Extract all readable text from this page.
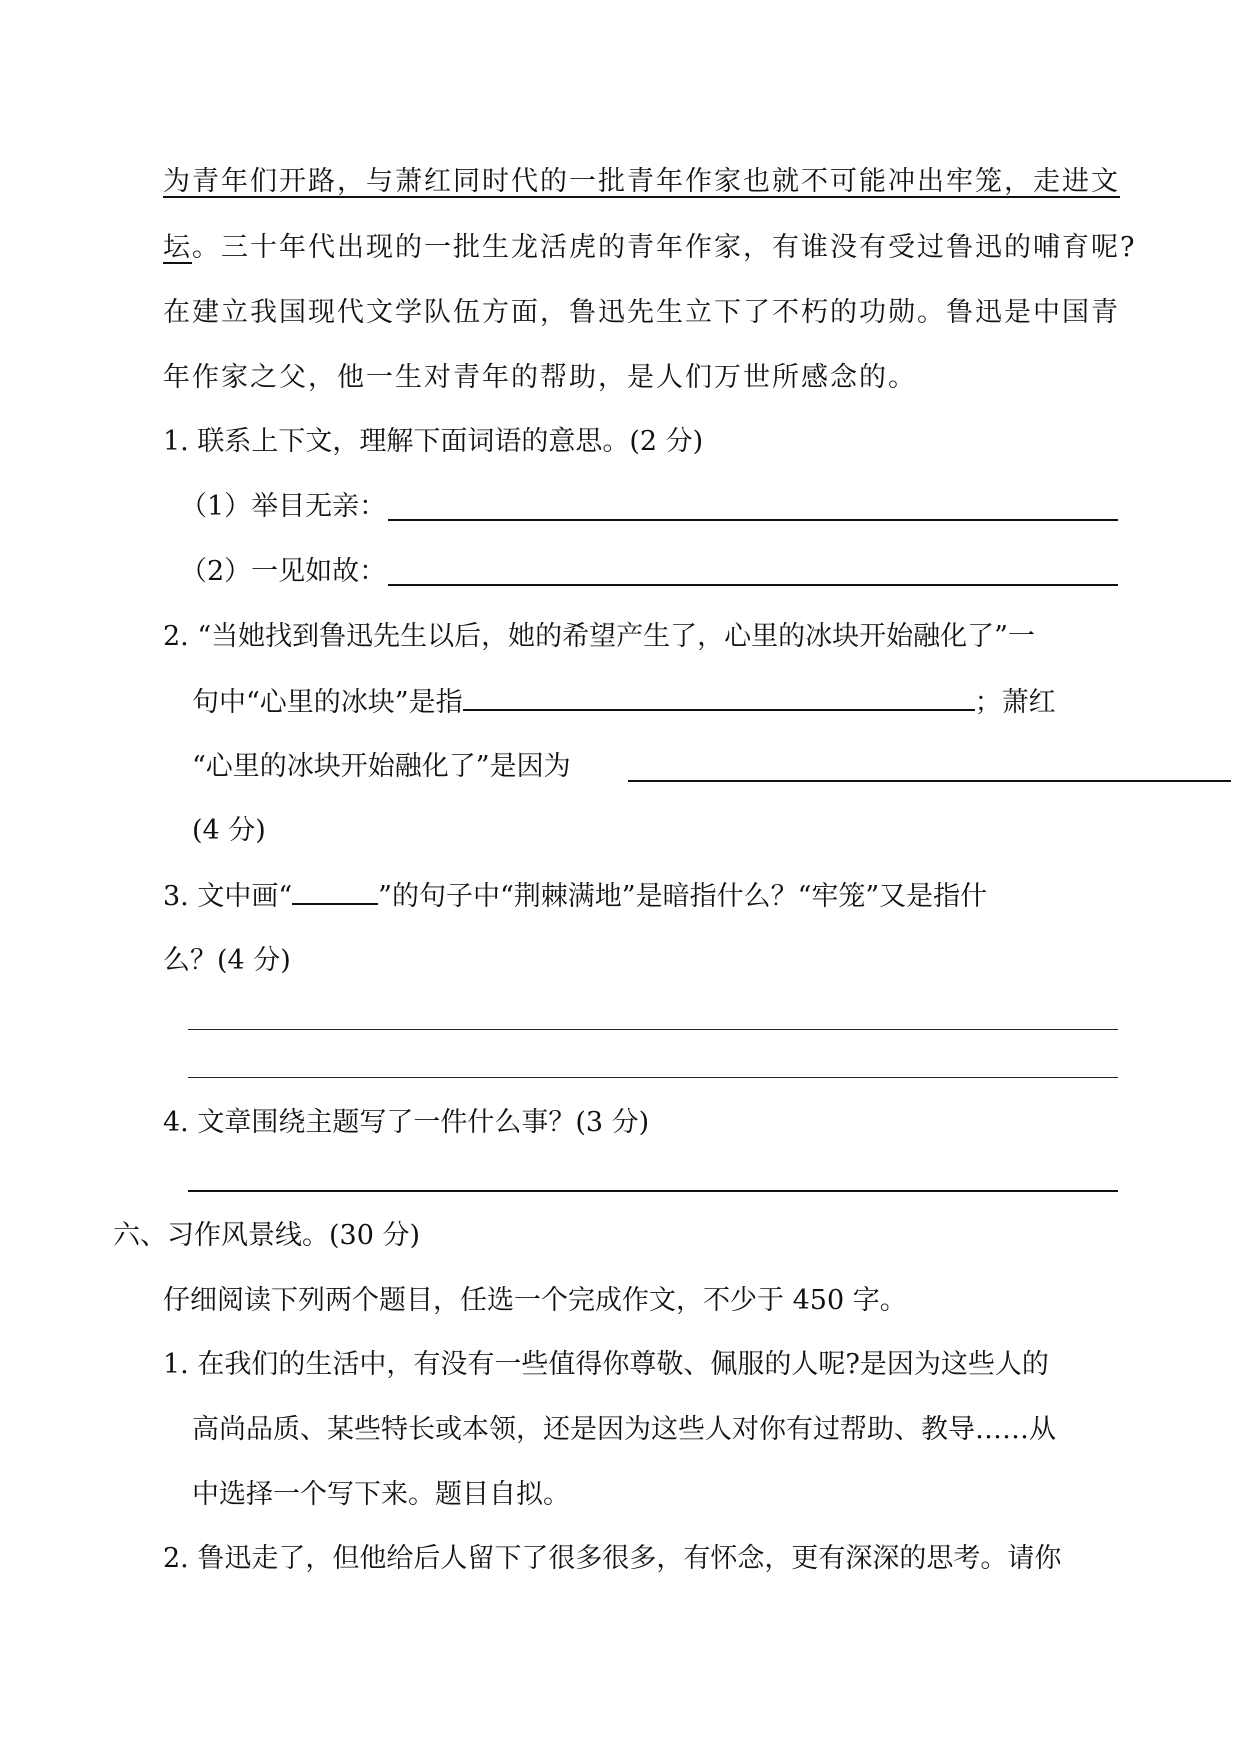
为青年们开路，与萧红同时代的一批青年作家也就不可能冲出牢笼，走进文
坛。三十年代出现的一批生龙活虎的青年作家，有谁没有受过鲁迅的哺育呢?
在建立我国现代文学队伍方面，鲁迅先生立下了不朽的功勋。鲁迅是中国青
年作家之父，他一生对青年的帮助，是人们万世所感念的。
1. 联系上下文，理解下面词语的意思。(2 分)
（1）举目无亲：
（2）一见如故：
2. “当她找到鲁迅先生以后，她的希望产生了，心里的冰块开始融化了”一
句中“心里的冰块”是指	；萧红
“心里的冰块开始融化了”是因为
(4 分)
3. 文中画“	”的句子中“荆棘满地”是暗指什么？“牢笼”又是指什
么？(4 分)
4. 文章围绕主题写了一件什么事？(3 分)
六、习作风景线。(30 分)
仔细阅读下列两个题目，任选一个完成作文，不少于 450 字。
1. 在我们的生活中，有没有一些值得你尊敬、佩服的人呢?是因为这些人的
高尚品质、某些特长或本领，还是因为这些人对你有过帮助、教导……从
中选择一个写下来。题目自拟。
2. 鲁迅走了，但他给后人留下了很多很多，有怀念，更有深深的思考。请你
